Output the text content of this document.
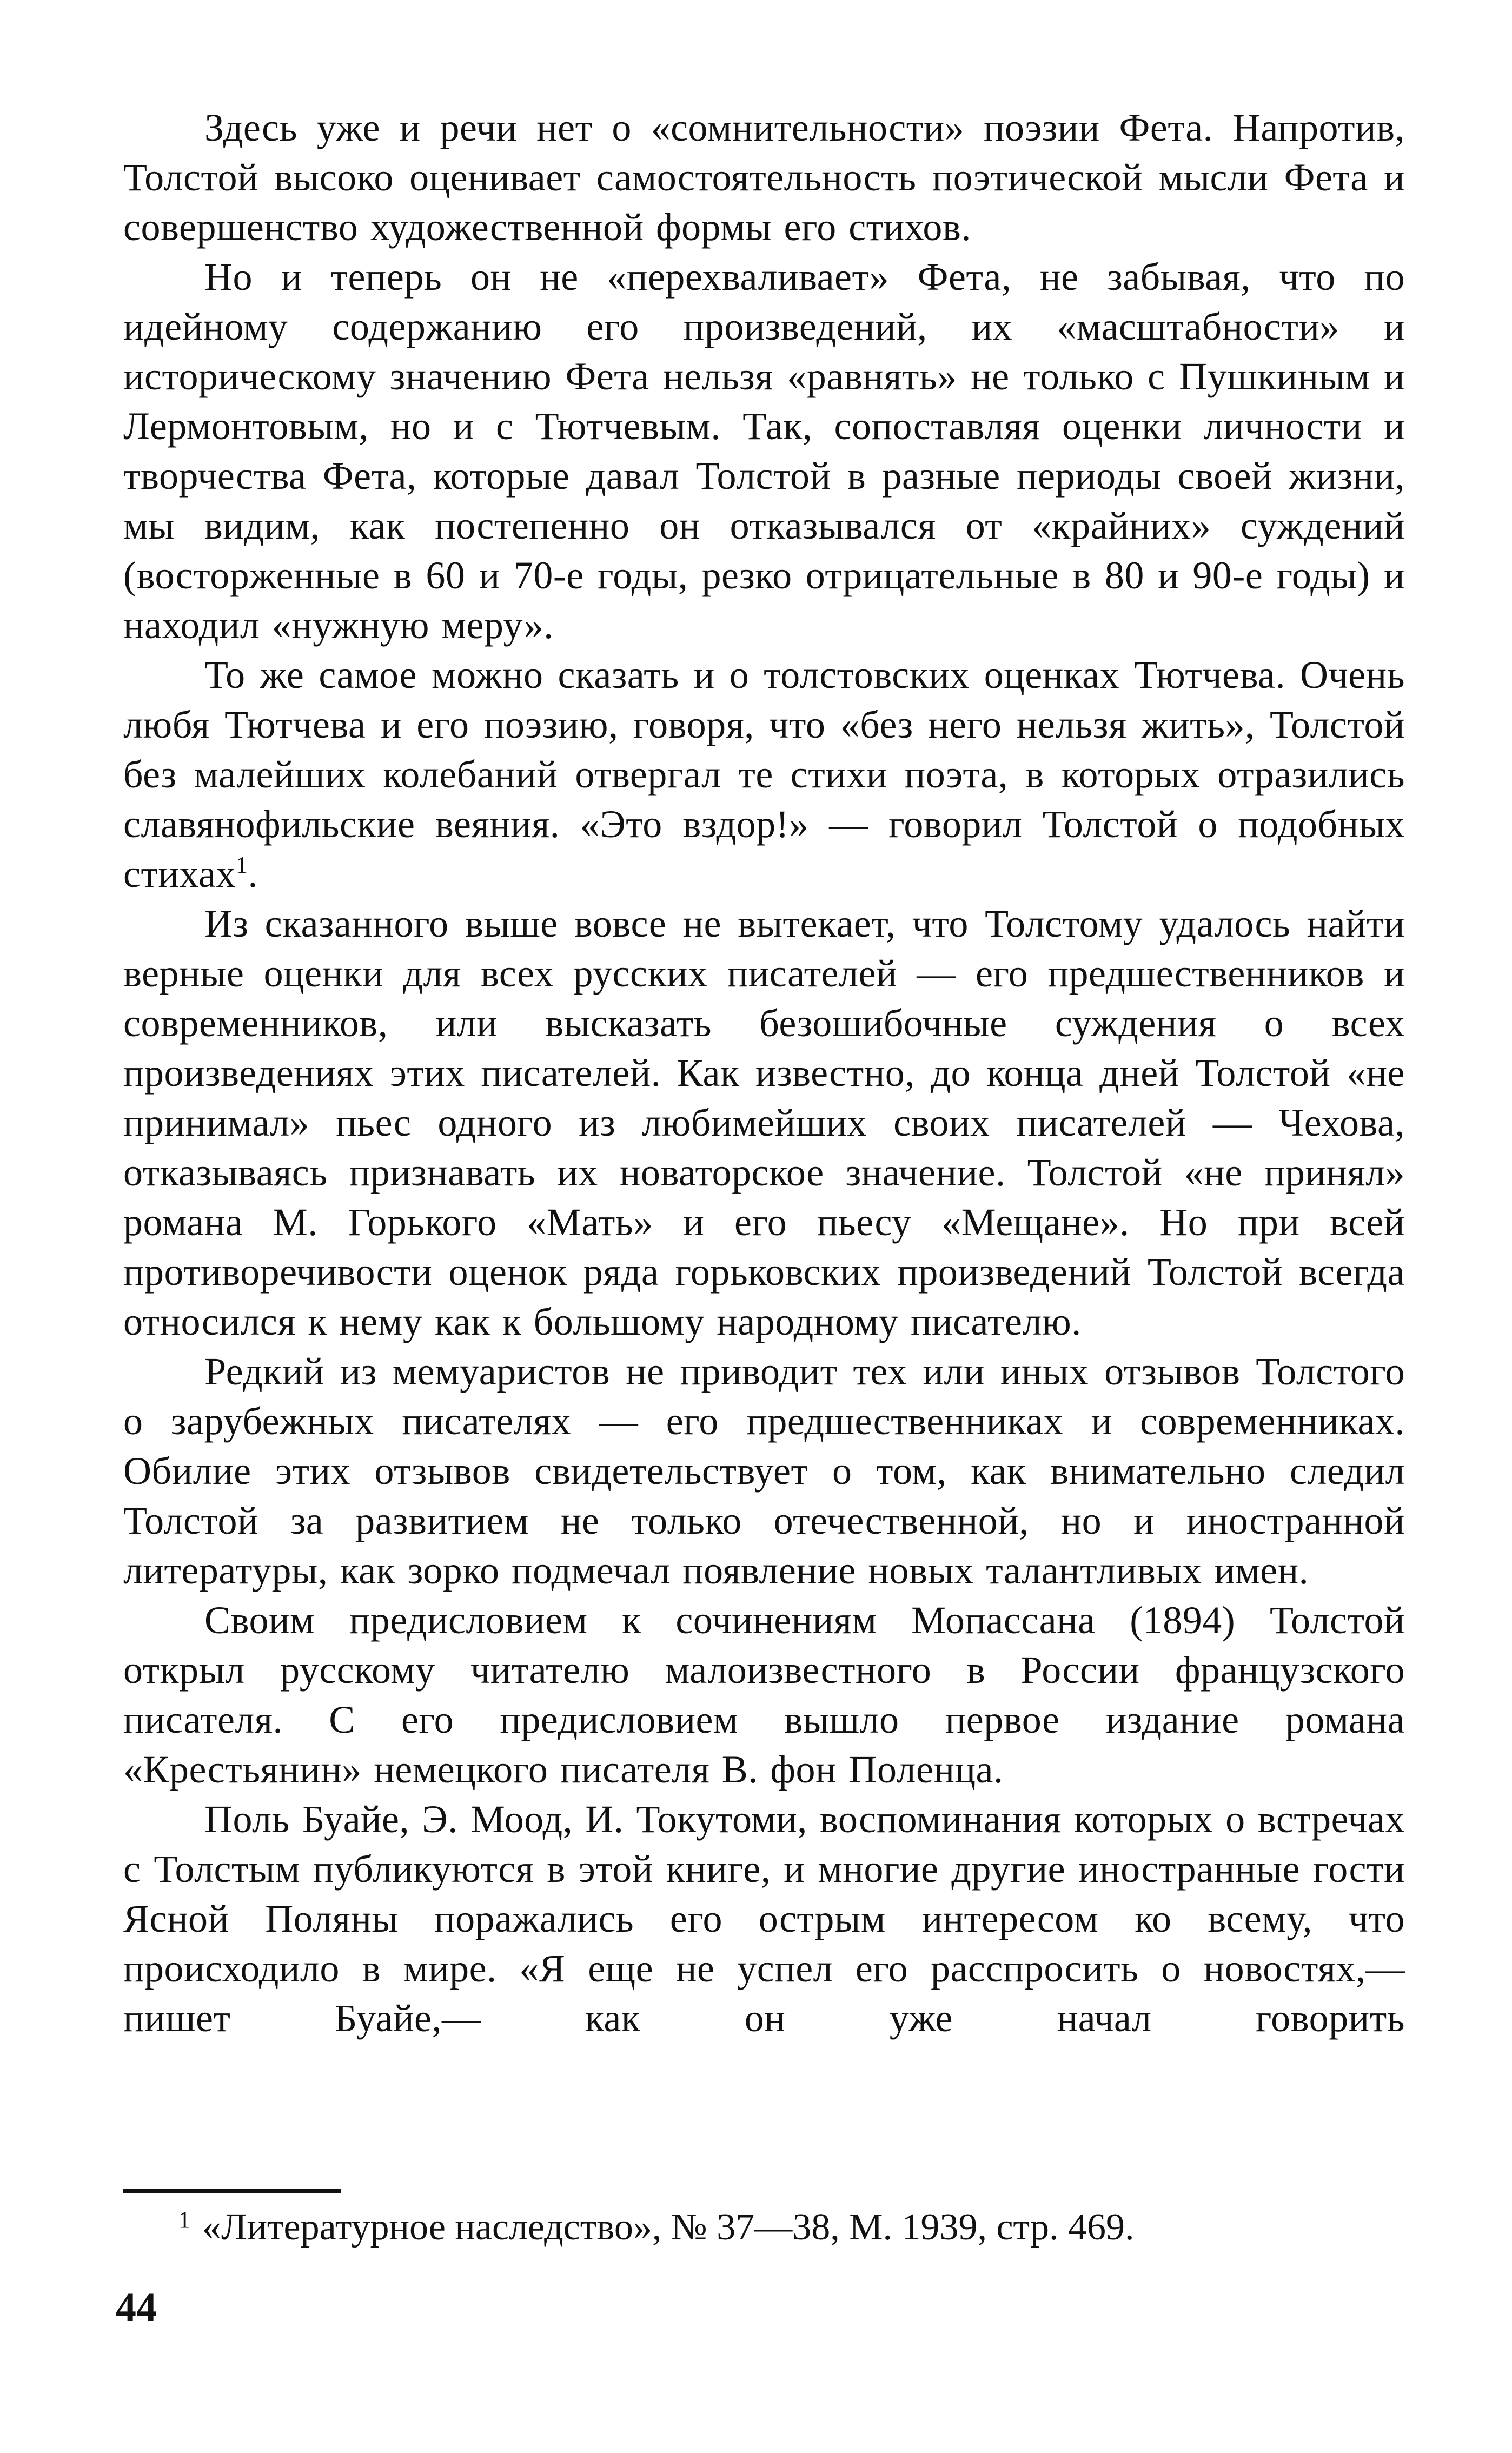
Здесь уже и речи нет о «сомнительности» поэзии Фета. Напротив, Толстой высоко оценивает самостоятельность поэтической мысли Фета и совершенство художественной формы его стихов.

Но и теперь он не «перехваливает» Фета, не забывая, что по идейному содержанию его произведений, их «масштабности» и историческому значению Фета нельзя «равнять» не только с Пушкиным и Лермонтовым, но и с Тютчевым. Так, сопоставляя оценки личности и творчества Фета, которые давал Толстой в разные периоды своей жизни, мы видим, как постепенно он отказывался от «крайних» суждений (восторженные в 60 и 70-е годы, резко отрицательные в 80 и 90-е годы) и находил «нужную меру».

То же самое можно сказать и о толстовских оценках Тютчева. Очень любя Тютчева и его поэзию, говоря, что «без него нельзя жить», Толстой без малейших колебаний отвергал те стихи поэта, в которых отразились славянофильские веяния. «Это вздор!» — говорил Толстой о подобных стихах$^1$.

Из сказанного выше вовсе не вытекает, что Толстому удалось найти верные оценки для всех русских писателей — его предшественников и современников, или высказать безошибочные суждения о всех произведениях этих писателей. Как известно, до конца дней Толстой «не принимал» пьес одного из любимейших своих писателей — Чехова, отказываясь признавать их новаторское значение. Толстой «не принял» романа М. Горького «Мать» и его пьесу «Мещане». Но при всей противоречивости оценок ряда горьковских произведений Толстой всегда относился к нему как к большому народному писателю.

Редкий из мемуаристов не приводит тех или иных отзывов Толстого о зарубежных писателях — его предшественниках и современниках. Обилие этих отзывов свидетельствует о том, как внимательно следил Толстой за развитием не только отечественной, но и иностранной литературы, как зорко подмечал появление новых талантливых имен.

Своим предисловием к сочинениям Мопассана (1894) Толстой открыл русскому читателю малоизвестного в России французского писателя. С его предисловием вышло первое издание романа «Крестьянин» немецкого писателя В. фон Поленца.

Поль Буайе, Э. Моод, И. Токутоми, воспоминания которых о встречах с Толстым публикуются в этой книге, и многие другие иностранные гости Ясной Поляны поражались его острым интересом ко всему, что происходило в мире. «Я еще не успел его расспросить о новостях,— пишет Буайе,— как он уже начал говорить

$^1$ «Литературное наследство», № 37—38, М. 1939, стр. 469.
44
